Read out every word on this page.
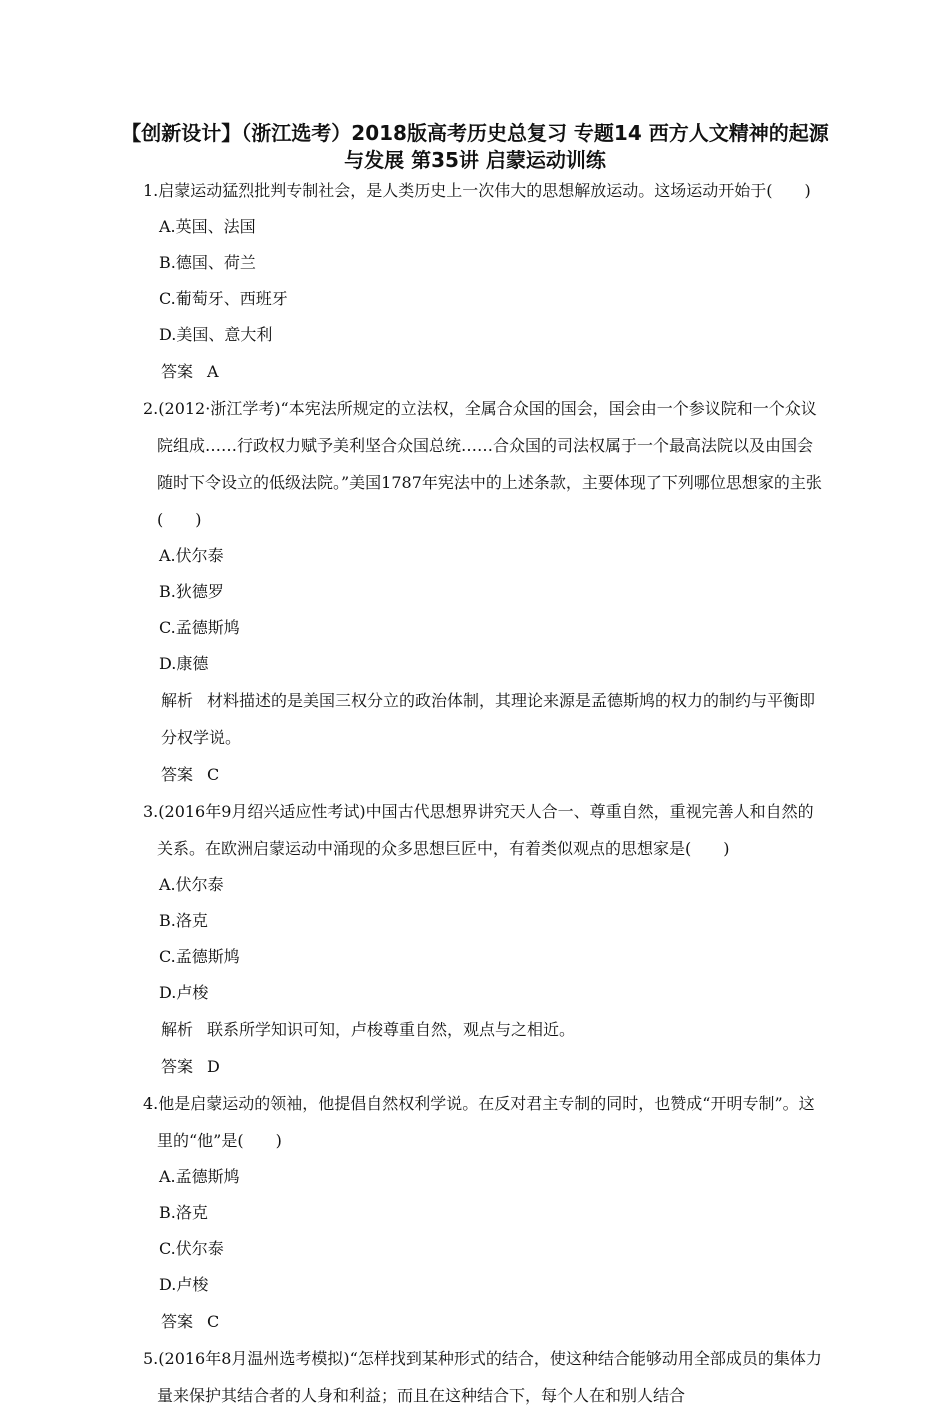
【创新设计】（浙江选考）2018版高考历史总复习 专题14 西方人文精神的起源与发展 第35讲 启蒙运动训练
1.启蒙运动猛烈批判专制社会，是人类历史上一次伟大的思想解放运动。这场运动开始于(　　)
A.英国、法国
B.德国、荷兰
C.葡萄牙、西班牙
D.美国、意大利
答案 A
2.(2012·浙江学考)“本宪法所规定的立法权，全属合众国的国会，国会由一个参议院和一个众议院组成……行政权力赋予美利坚合众国总统……合众国的司法权属于一个最高法院以及由国会随时下令设立的低级法院。”美国1787年宪法中的上述条款，主要体现了下列哪位思想家的主张(　　)
A.伏尔泰
B.狄德罗
C.孟德斯鸠
D.康德
解析 材料描述的是美国三权分立的政治体制，其理论来源是孟德斯鸠的权力的制约与平衡即分权学说。
答案 C
3.(2016年9月绍兴适应性考试)中国古代思想界讲究天人合一、尊重自然，重视完善人和自然的关系。在欧洲启蒙运动中涌现的众多思想巨匠中，有着类似观点的思想家是(　　)
A.伏尔泰
B.洛克
C.孟德斯鸠
D.卢梭
解析 联系所学知识可知，卢梭尊重自然，观点与之相近。
答案 D
4.他是启蒙运动的领袖，他提倡自然权利学说。在反对君主专制的同时，也赞成“开明专制”。这里的“他”是(　　)
A.孟德斯鸠
B.洛克
C.伏尔泰
D.卢梭
答案 C
5.(2016年8月温州选考模拟)“怎样找到某种形式的结合，使这种结合能够动用全部成员的集体力量来保护其结合者的人身和利益；而且在这种结合下，每个人在和别人结合
